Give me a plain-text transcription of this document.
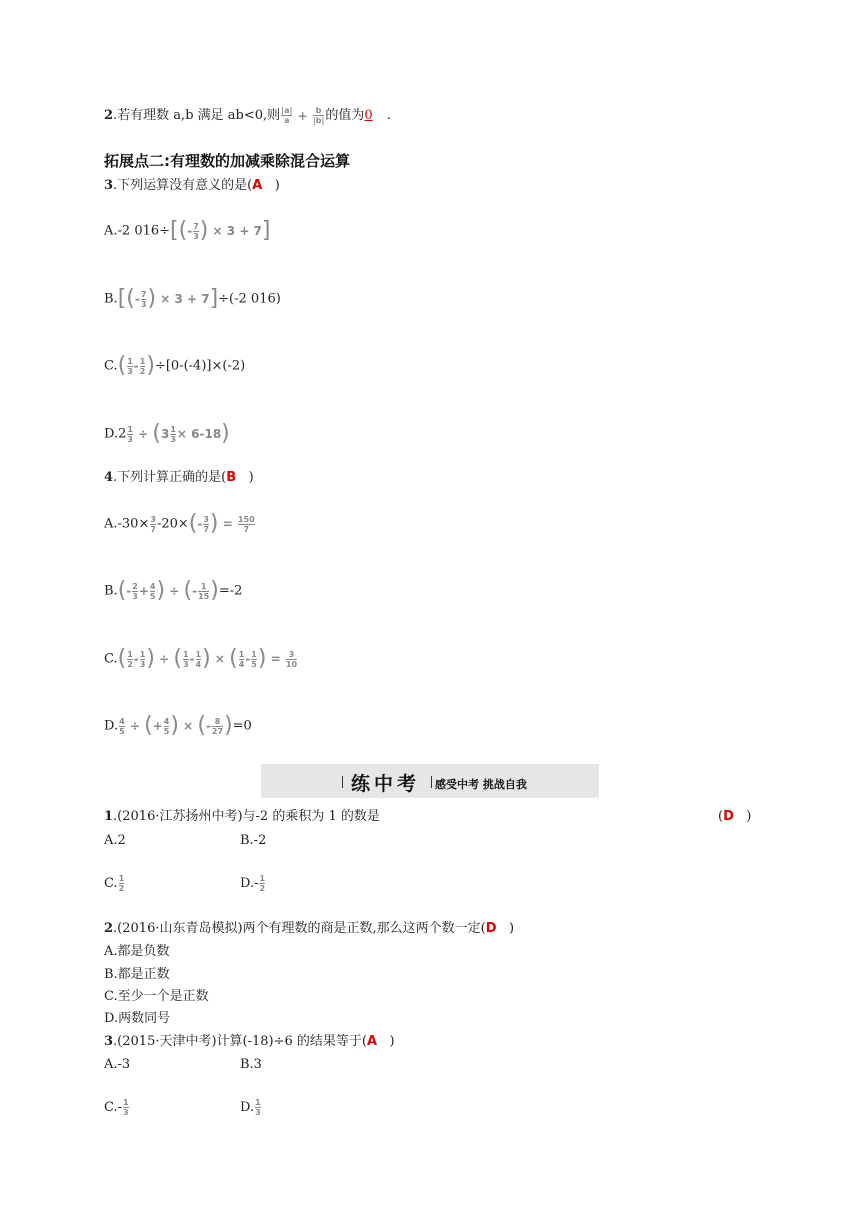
2.若有理数 a,b 满足 ab<0,则 $\frac{|a|}{a} + \frac{b}{|b|}$ 的值为0 .
拓展点二:有理数的加减乘除混合运算
3.下列运算没有意义的是(A )
A.-2 016÷ [ ( - $\frac{7}{3}$ ) × 3 + 7 ]
B. [ ( - $\frac{7}{3}$ ) × 3 + 7 ] ÷(-2 016)
C. ( $\frac{1}{3} - \frac{1}{2}$ ) ÷[0-(-4)]×(-2)
$D.2 \frac{1}{3}$ ÷ ( $3 \frac{1}{3} \times 6-18$ )
4.下列计算正确的是(B )
$A.-30\times \frac{3}{7} -20\times$ ( - $\frac{3}{7}$ ) = $\frac{150}{7}$
B. ( - $\frac{2}{3} + \frac{4}{5}$ ) ÷ ( - $\frac{1}{15}$ ) =-2
C. ( $\frac{1}{2} - \frac{1}{3}$ ) ÷ ( $\frac{1}{3} - \frac{1}{4}$ ) × ( $\frac{1}{4} - \frac{1}{5}$ ) = $\frac{3}{10}$
D. $\frac{4}{5}$ ÷ ( + $\frac{4}{5}$ ) × ( - $\frac{8}{27}$ ) =0
练中考 感受中考 挑战自我
1.(2016·江苏扬州中考)与-2 的乘积为 1 的数是	(D )
A.2	B.-2
C. $\frac{1}{2}$	$D.- \frac{1}{2}$
2.(2016·山东青岛模拟)两个有理数的商是正数,那么这两个数一定(D )
A.都是负数
B.都是正数
C.至少一个是正数
D.两数同号
3.(2015·天津中考)计算(-18)÷6 的结果等于(A )
A.-3	B.3
$C.- \frac{1}{3}$	D. $\frac{1}{3}$
